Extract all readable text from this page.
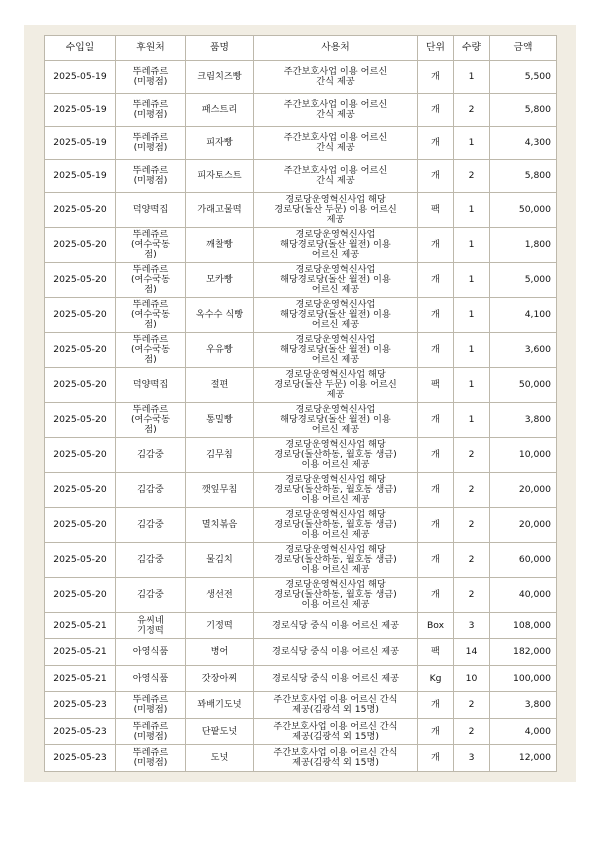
수입일	후원처	품명	사용처	단위	수량	금액
2025-05-19	뚜레쥬르
(미평점)	크림치즈빵	주간보호사업 이용 어르신
간식 제공	개	1	5,500
2025-05-19	뚜레쥬르
(미평점)	패스트리	주간보호사업 이용 어르신
간식 제공	개	2	5,800
2025-05-19	뚜레쥬르
(미평점)	피자빵	주간보호사업 이용 어르신
간식 제공	개	1	4,300
2025-05-19	뚜레쥬르
(미평점)	피자토스트	주간보호사업 이용 어르신
간식 제공	개	2	5,800
2025-05-20	덕양떡집	가래고물떡	경로당운영혁신사업 해당
경로당(돌산 두문) 이용 어르신
제공	팩	1	50,000
2025-05-20	뚜레쥬르
(여수국동
점)	깨찰빵	경로당운영혁신사업
해당경로당(돌산 월전) 이용
어르신 제공	개	1	1,800
2025-05-20	뚜레쥬르
(여수국동
점)	모카빵	경로당운영혁신사업
해당경로당(돌산 월전) 이용
어르신 제공	개	1	5,000
2025-05-20	뚜레쥬르
(여수국동
점)	옥수수 식빵	경로당운영혁신사업
해당경로당(돌산 월전) 이용
어르신 제공	개	1	4,100
2025-05-20	뚜레쥬르
(여수국동
점)	우유빵	경로당운영혁신사업
해당경로당(돌산 월전) 이용
어르신 제공	개	1	3,600
2025-05-20	덕양떡집	절편	경로당운영혁신사업 해당
경로당(돌산 두문) 이용 어르신
제공	팩	1	50,000
2025-05-20	뚜레쥬르
(여수국동
점)	통밀빵	경로당운영혁신사업
해당경로당(돌산 월전) 이용
어르신 제공	개	1	3,800
2025-05-20	김감중	김무침	경로당운영혁신사업 해당
경로당(돌산하동, 월호동 생금)
이용 어르신 제공	개	2	10,000
2025-05-20	김감중	깻잎무침	경로당운영혁신사업 해당
경로당(돌산하동, 월호동 생금)
이용 어르신 제공	개	2	20,000
2025-05-20	김감중	멸치볶음	경로당운영혁신사업 해당
경로당(돌산하동, 월호동 생금)
이용 어르신 제공	개	2	20,000
2025-05-20	김감중	물김치	경로당운영혁신사업 해당
경로당(돌산하동, 월호동 생금)
이용 어르신 제공	개	2	60,000
2025-05-20	김감중	생선전	경로당운영혁신사업 해당
경로당(돌산하동, 월호동 생금)
이용 어르신 제공	개	2	40,000
2025-05-21	유씨네
기정떡	기정떡	경로식당 중식 이용 어르신 제공	Box	3	108,000
2025-05-21	아영식품	병어	경로식당 중식 이용 어르신 제공	팩	14	182,000
2025-05-21	아영식품	갓장아찌	경로식당 중식 이용 어르신 제공	Kg	10	100,000
2025-05-23	뚜레쥬르
(미평점)	꽈배기도넛	주간보호사업 이용 어르신 간식
제공(김광석 외 15명)	개	2	3,800
2025-05-23	뚜레쥬르
(미평점)	단팥도넛	주간보호사업 이용 어르신 간식
제공(김광석 외 15명)	개	2	4,000
2025-05-23	뚜레쥬르
(미평점)	도넛	주간보호사업 이용 어르신 간식
제공(김광석 외 15명)	개	3	12,000
